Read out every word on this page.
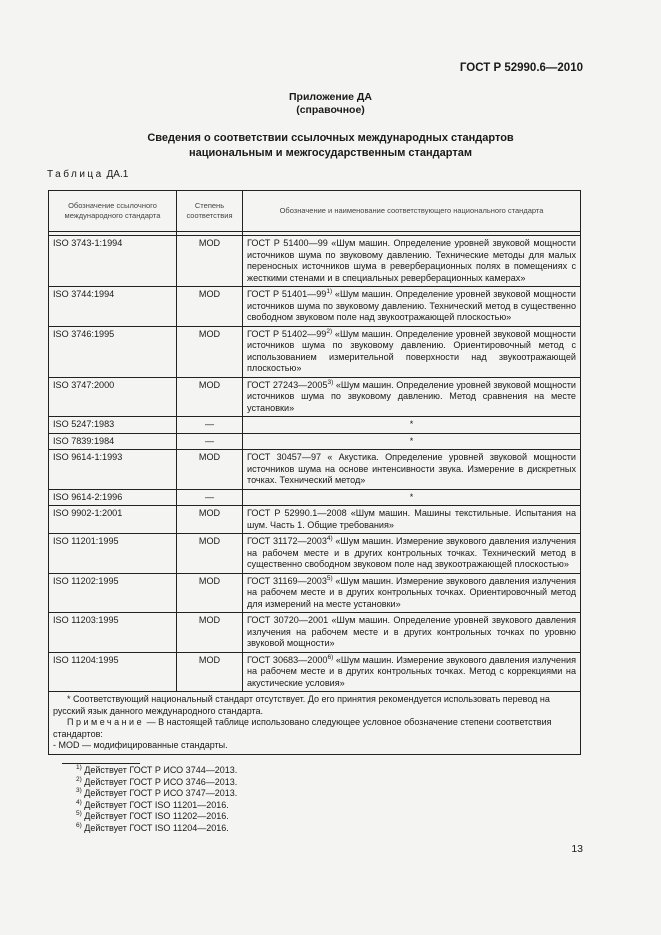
ГОСТ Р 52990.6—2010
Приложение ДА
(справочное)
Сведения о соответствии ссылочных международных стандартов
национальным и межгосударственным стандартам
Таблица ДА.1
Обозначение ссылочного международного стандарта	Степень соответствия	Обозначение и наименование соответствующего национального стандарта

ISO 3743-1:1994	MOD	ГОСТ Р 51400—99 «Шум машин. Определение уровней звуковой мощности источников шума по звуковому давлению. Технические методы для малых переносных источников шума в реверберационных полях в помещениях с жесткими стенами и в специальных реверберационных камерах»
ISO 3744:1994	MOD	ГОСТ Р 51401—99$^{1)}$ «Шум машин. Определение уровней звуковой мощности источников шума по звуковому давлению. Технический метод в существенно свободном звуковом поле над звукоотражающей плоскостью»
ISO 3746:1995	MOD	ГОСТ Р 51402—99$^{2)}$ «Шум машин. Определение уровней звуковой мощности источников шума по звуковому давлению. Ориентировочный метод с использованием измерительной поверхности над звукоотражающей плоскостью»
ISO 3747:2000	MOD	ГОСТ 27243—2005$^{3)}$ «Шум машин. Определение уровней звуковой мощности источников шума по звуковому давлению. Метод сравнения на месте установки»
ISO 5247:1983	—	*
ISO 7839:1984	—	*
ISO 9614-1:1993	MOD	ГОСТ 30457—97 « Акустика. Определение уровней звуковой мощности источников шума на основе интенсивности звука. Измерение в дискретных точках. Технический метод»
ISO 9614-2:1996	—	*
ISO 9902-1:2001	MOD	ГОСТ Р 52990.1—2008 «Шум машин. Машины текстильные. Испытания на шум. Часть 1. Общие требования»
ISO 11201:1995	MOD	ГОСТ 31172—2003$^{4)}$ «Шум машин. Измерение звукового давления излучения на рабочем месте и в других контрольных точках. Технический метод в существенно свободном звуковом поле над звукоотражающей плоскостью»
ISO 11202:1995	MOD	ГОСТ 31169—2003$^{5)}$ «Шум машин. Измерение звукового давления излучения на рабочем месте и в других контрольных точках. Ориентировочный метод для измерений на месте установки»
ISO 11203:1995	MOD	ГОСТ 30720—2001 «Шум машин. Определение уровней звукового давления излучения на рабочем месте и в других контрольных точках по уровню звуковой мощности»
ISO 11204:1995	MOD	ГОСТ 30683—2000$^{6)}$ «Шум машин. Измерение звукового давления излучения на рабочем месте и в других контрольных точках. Метод с коррекциями на акустические условия»

* Соответствующий национальный стандарт отсутствует. До его принятия рекомендуется использовать перевод на русский язык данного международного стандарта.

Примечание — В настоящей таблице использовано следующее условное обозначение степени соответствия стандартов:

- MOD — модифицированные стандарты.		

$^{1)}$ Действует ГОСТ Р ИСО 3744—2013.
$^{2)}$ Действует ГОСТ Р ИСО 3746—2013.
$^{3)}$ Действует ГОСТ Р ИСО 3747—2013.
$^{4)}$ Действует ГОСТ ISO 11201—2016.
$^{5)}$ Действует ГОСТ ISO 11202—2016.
$^{6)}$ Действует ГОСТ ISO 11204—2016.
13
